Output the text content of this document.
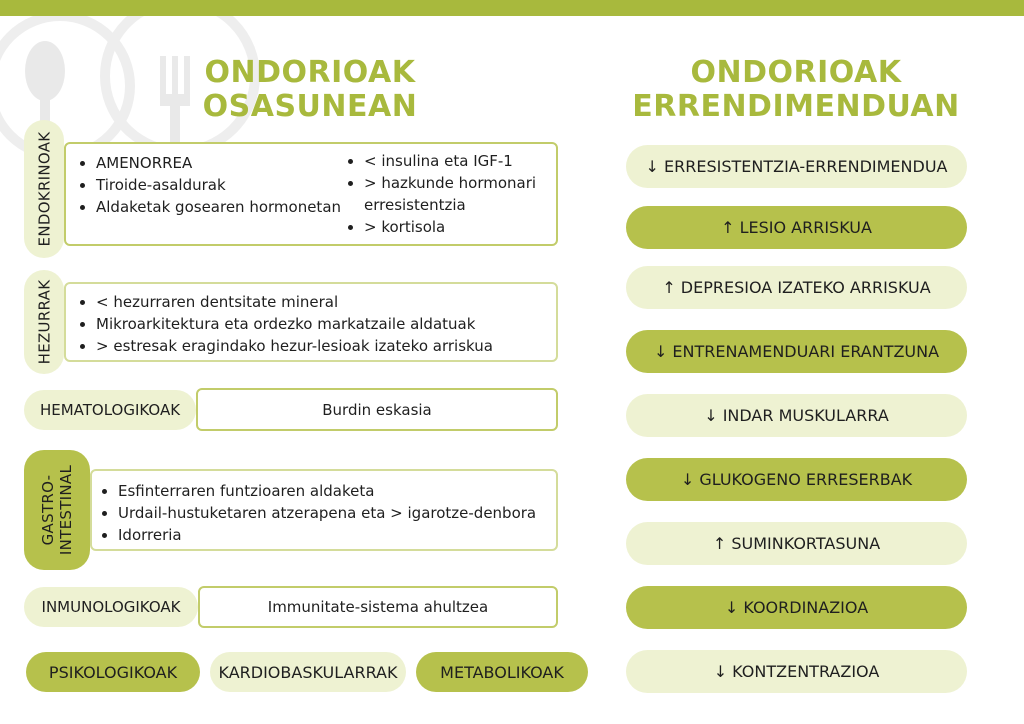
ONDORIOAK
OSASUNEAN
ONDORIOAK
ERRENDIMENDUAN
ENDOKRINOAK	• AMENORREA
• Tiroide-asaldurak
• Aldaketak gosearen hormonetan
• < insulina eta IGF-1
• > hazkunde hormonari erresistentzia
• > kortisola
HEZURRAK	• < hezurraren dentsitate mineral
• Mikroarkitektura eta ordezko markatzaile aldatuak
• > estresak eragindako hezur-lesioak izateko arriskua
HEMATOLOGIKOAK	Burdin eskasia
GASTRO- INTESTINAL	• Esfinterraren funtzioaren aldaketa
• Urdail-hustuketaren atzerapena eta > igarotze-denbora
• Idorreria
INMUNOLOGIKOAK	Immunitate-sistema ahultzea
PSIKOLOGIKOAK	KARDIOBASKULARRAK	METABOLIKOAK
↓ ERRESISTENTZIA-ERRENDIMENDUA
↑ LESIO ARRISKUA
↑ DEPRESIOA IZATEKO ARRISKUA
↓ ENTRENAMENDUARI ERANTZUNA
↓ INDAR MUSKULARRA
↓ GLUKOGENO ERRESERBAK
↑ SUMINKORTASUNA
↓ KOORDINAZIOA
↓ KONTZENTRAZIOA
